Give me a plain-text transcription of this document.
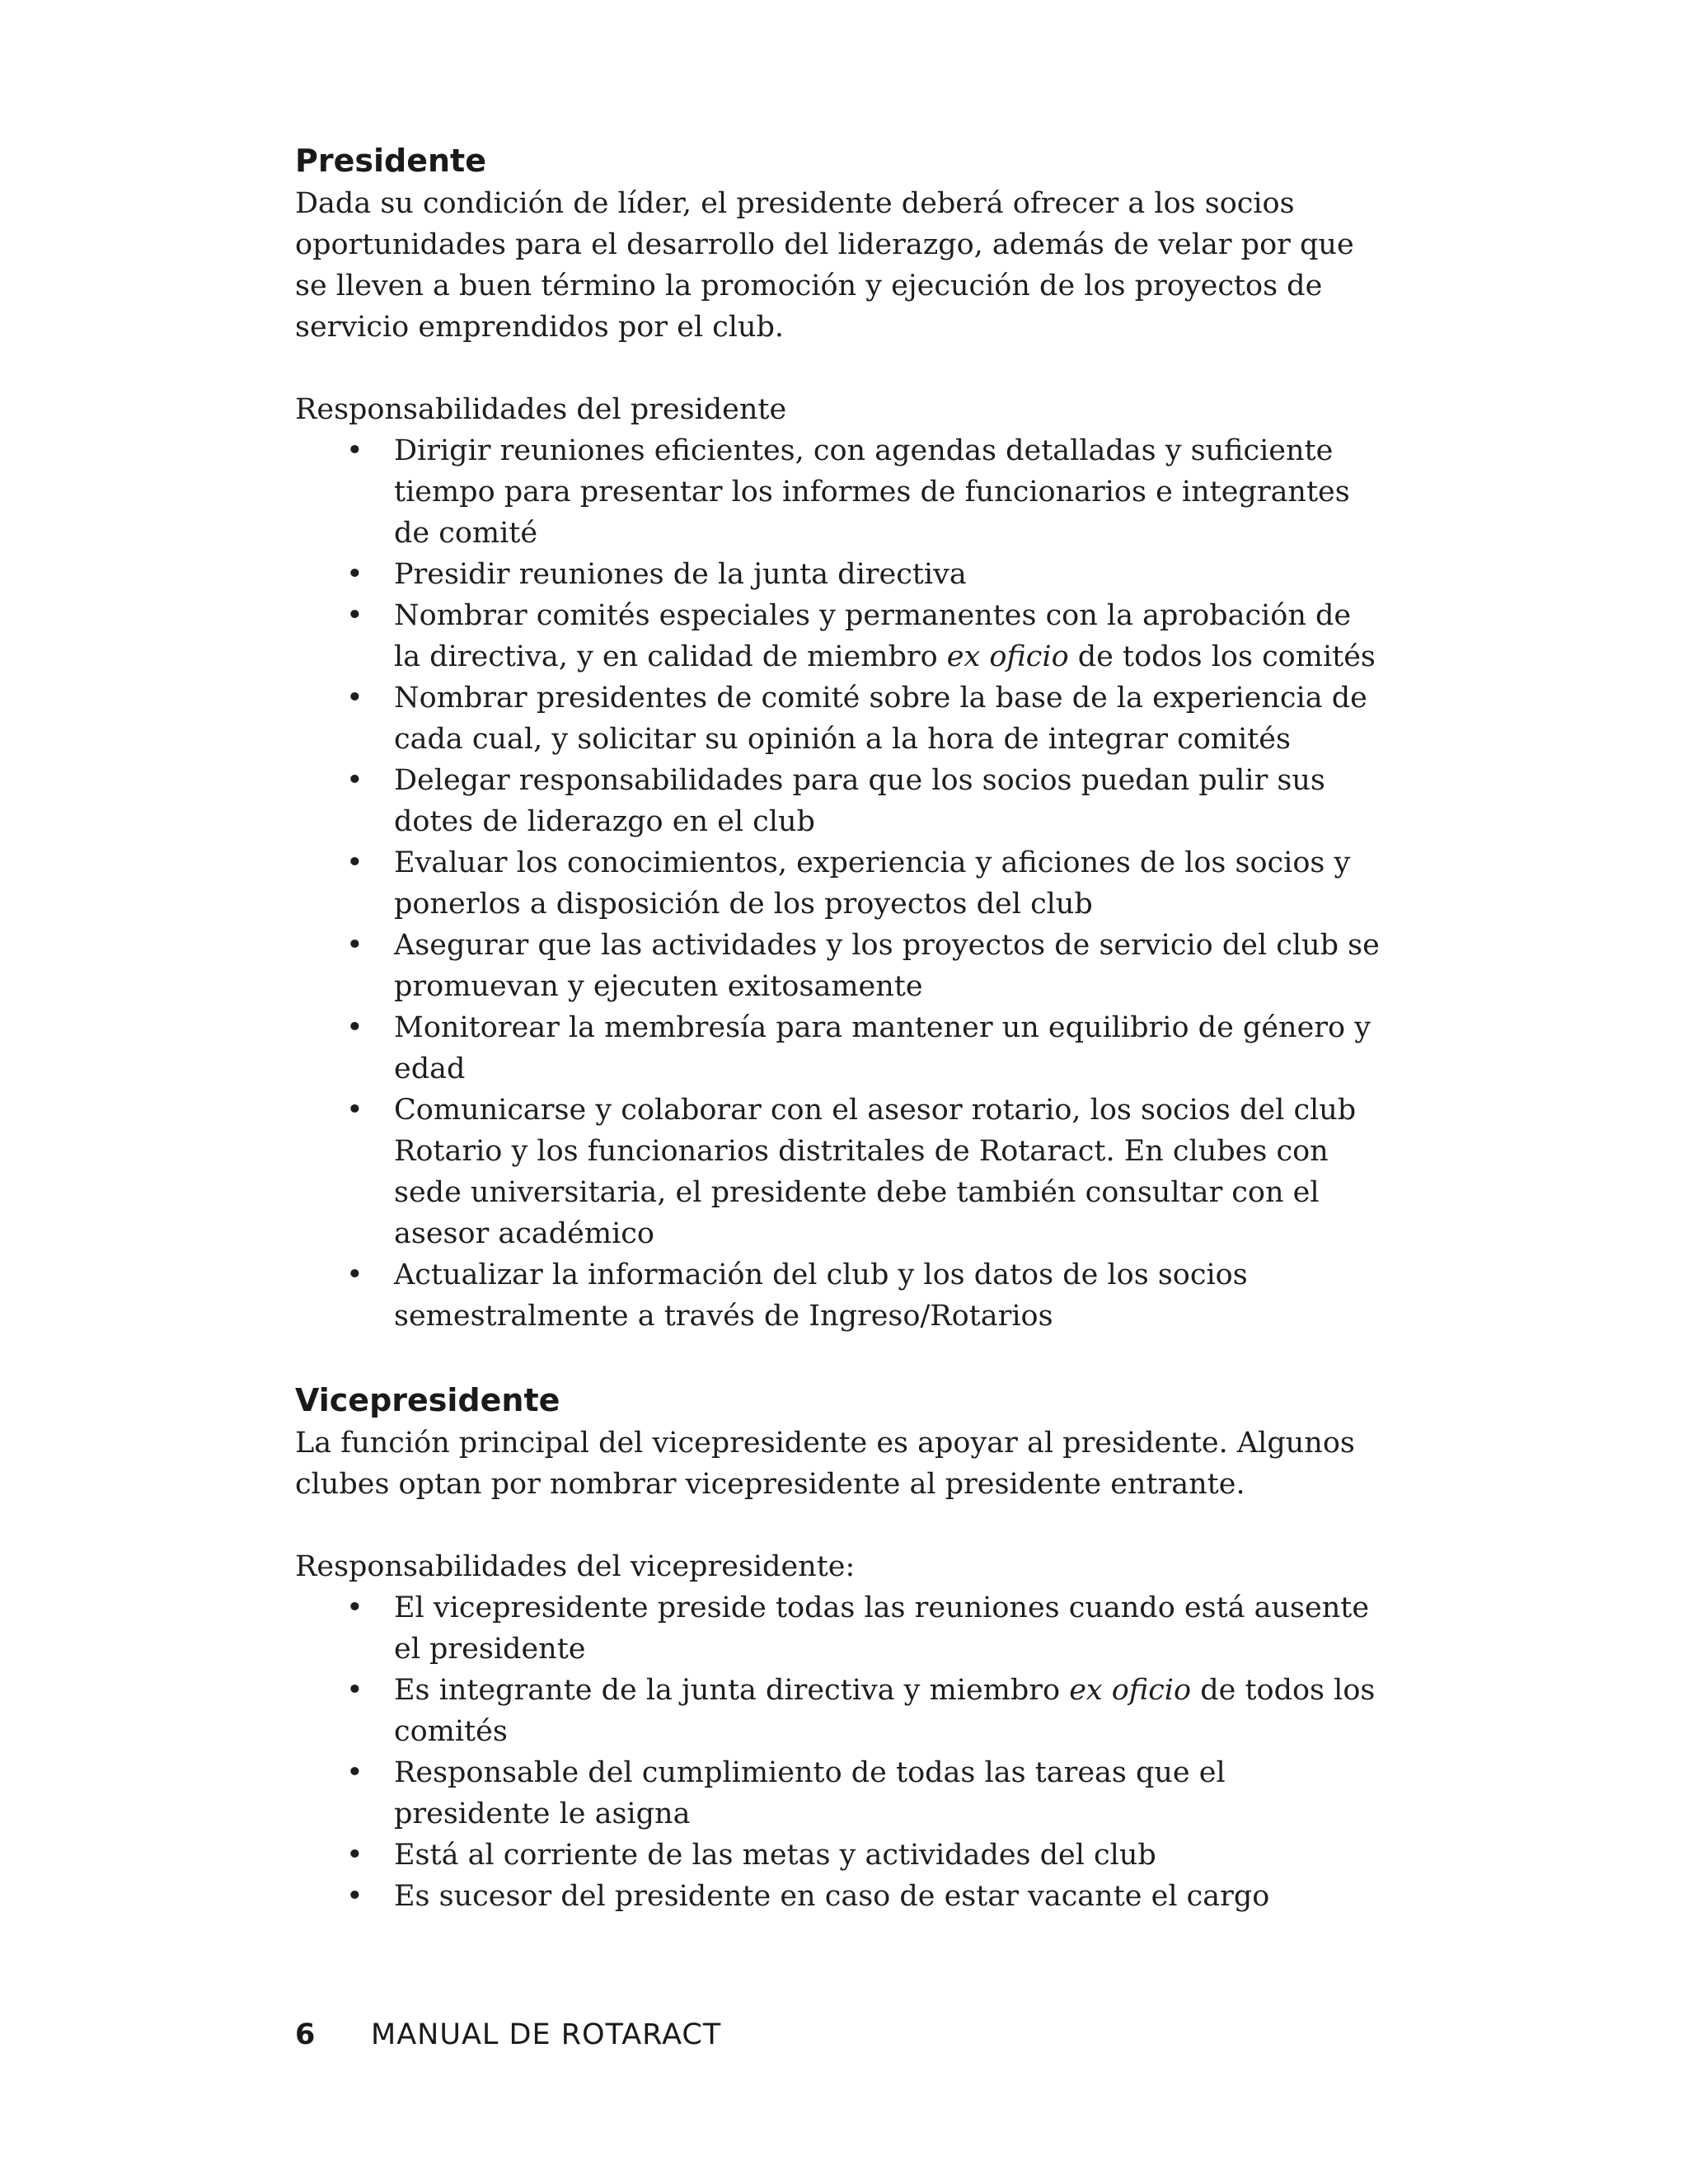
Presidente

Dada su condición de líder, el presidente deberá ofrecer a los socios oportunidades para el desarrollo del liderazgo, además de velar por que se lleven a buen término la promoción y ejecución de los proyectos de servicio emprendidos por el club.

Responsabilidades del presidente

• Dirigir reuniones eficientes, con agendas detalladas y suficiente tiempo para presentar los informes de funcionarios e integrantes de comité
• Presidir reuniones de la junta directiva
• Nombrar comités especiales y permanentes con la aprobación de la directiva, y en calidad de miembro ex oficio de todos los comités
• Nombrar presidentes de comité sobre la base de la experiencia de cada cual, y solicitar su opinión a la hora de integrar comités
• Delegar responsabilidades para que los socios puedan pulir sus dotes de liderazgo en el club
• Evaluar los conocimientos, experiencia y aficiones de los socios y ponerlos a disposición de los proyectos del club
• Asegurar que las actividades y los proyectos de servicio del club se promuevan y ejecuten exitosamente
• Monitorear la membresía para mantener un equilibrio de género y edad
• Comunicarse y colaborar con el asesor rotario, los socios del club Rotario y los funcionarios distritales de Rotaract. En clubes con sede universitaria, el presidente debe también consultar con el asesor académico
• Actualizar la información del club y los datos de los socios semestralmente a través de Ingreso/Rotarios
Vicepresidente

La función principal del vicepresidente es apoyar al presidente. Algunos clubes optan por nombrar vicepresidente al presidente entrante.

Responsabilidades del vicepresidente:

• El vicepresidente preside todas las reuniones cuando está ausente el presidente
• Es integrante de la junta directiva y miembro ex oficio de todos los comités
• Responsable del cumplimiento de todas las tareas que el presidente le asigna
• Está al corriente de las metas y actividades del club
• Es sucesor del presidente en caso de estar vacante el cargo
6 MANUAL DE ROTARACT
